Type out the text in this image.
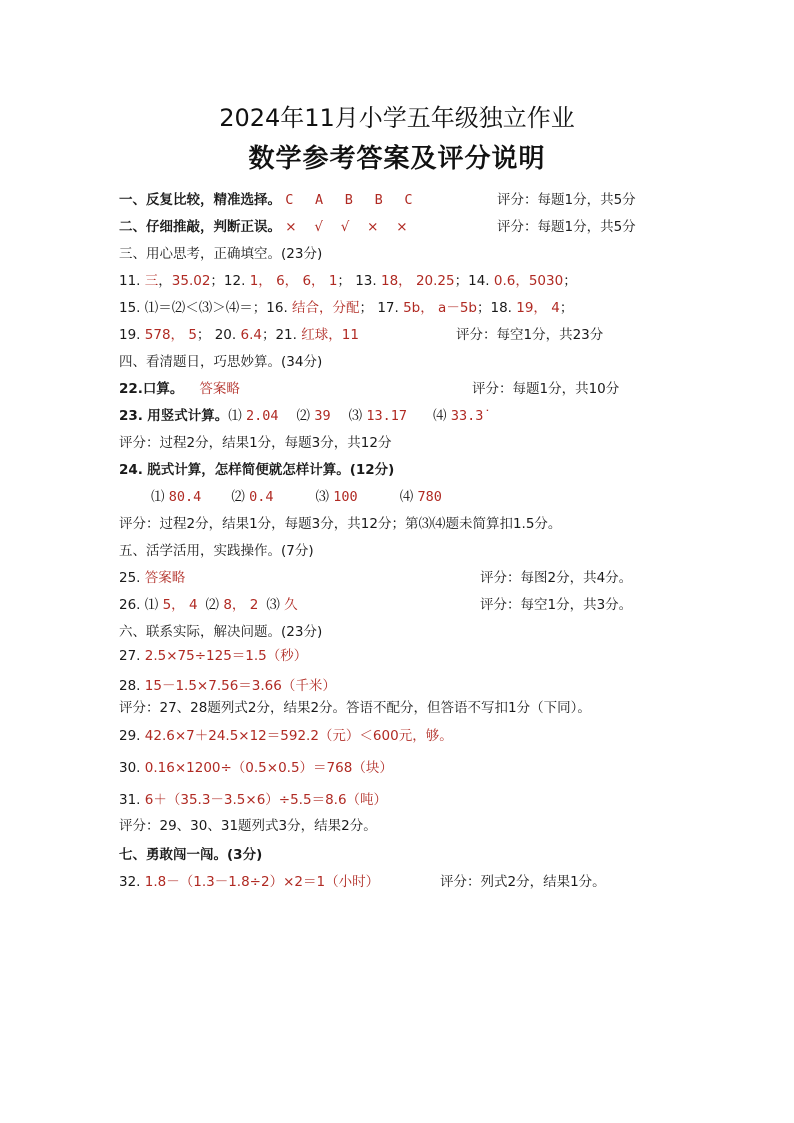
2024年11月小学五年级独立作业
数学参考答案及评分说明
一、反复比较，精准选择。 C　 A　 B　 B　 C	评分：每题1分，共5分
二、仔细推敲，判断正误。 ×　 √　 √　 ×　 ×	评分：每题1分，共5分
三、用心思考，正确填空。(23分)
11. 三，35.02；12. 1， 6， 6， 1； 13. 18， 20.25；14. 0.6̇，5030；
15. ⑴＝⑵＜⑶＞⑷＝；16. 结合，分配； 17. 5b， a－5b；18. 19， 4；
19. 578， 5； 20. 6.4；21. 红球，11	评分：每空1分，共23分
四、看清题日，巧思妙算。(34分)
22.口算。 答案略	评分：每题1分，共10分
23. 用竖式计算。⑴ 2.04 ⑵ 39 ⑶ 13.17 ⑷ 33.3̇
评分：过程2分，结果1分，每题3分，共12分
24. 脱式计算，怎样简便就怎样计算。(12分)
⑴ 80.4 ⑵ 0.4	⑶ 100	⑷ 780
评分：过程2分，结果1分，每题3分，共12分；第⑶⑷题未简算扣1.5分。
五、活学活用，实践操作。(7分)
25. 答案略	评分：每图2分，共4分。
26. ⑴ 5， 4 ⑵ 8， 2 ⑶ 久	评分：每空1分，共3分。
六、联系实际，解决问题。(23分)
27. 2.5×75÷125＝1.5（秒）
28. 15－1.5×7.56＝3.66（千米）
评分：27、28题列式2分，结果2分。答语不配分，但答语不写扣1分（下同）。
29. 42.6×7＋24.5×12＝592.2（元）＜600元，够。
30. 0.16×1200÷（0.5×0.5）＝768（块）
31. 6＋（35.3－3.5×6）÷5.5＝8.6（吨）
评分：29、30、31题列式3分，结果2分。
七、勇敢闯一闯。(3分)
32. 1.8－（1.3－1.8÷2）×2＝1（小时）	评分：列式2分，结果1分。
